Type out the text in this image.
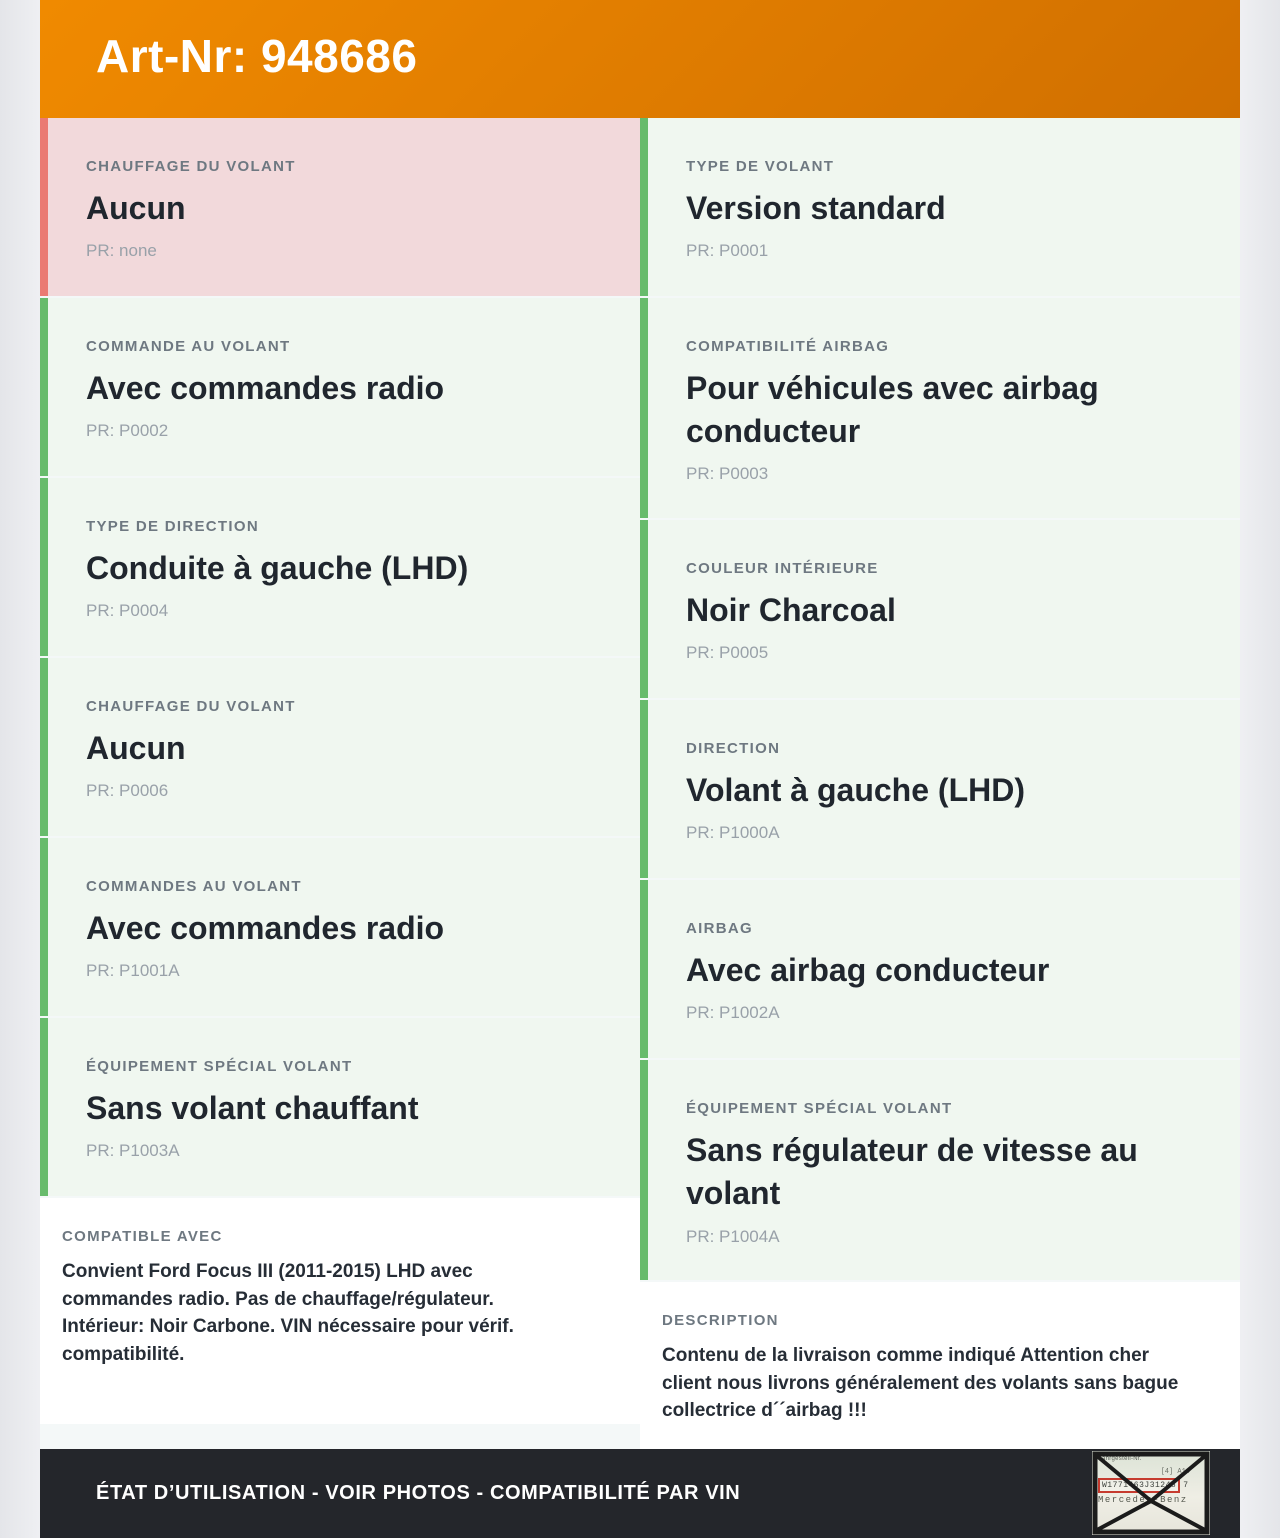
Art-Nr: 948686
CHAUFFAGE DU VOLANT
Aucun
PR: none
COMMANDE AU VOLANT
Avec commandes radio
PR: P0002
TYPE DE DIRECTION
Conduite à gauche (LHD)
PR: P0004
CHAUFFAGE DU VOLANT
Aucun
PR: P0006
COMMANDES AU VOLANT
Avec commandes radio
PR: P1001A
ÉQUIPEMENT SPÉCIAL VOLANT
Sans volant chauffant
PR: P1003A
COMPATIBLE AVEC

Convient Ford Focus III (2011-2015) LHD avec commandes radio. Pas de chauffage/régulateur. Intérieur: Noir Carbone. VIN nécessaire pour vérif. compatibilité.

TYPE DE VOLANT
Version standard
PR: P0001
COMPATIBILITÉ AIRBAG
Pour véhicules avec airbag conducteur
PR: P0003
COULEUR INTÉRIEURE
Noir Charcoal
PR: P0005
DIRECTION
Volant à gauche (LHD)
PR: P1000A
AIRBAG
Avec airbag conducteur
PR: P1002A
ÉQUIPEMENT SPÉCIAL VOLANT
Sans régulateur de vitesse au volant
PR: P1004A
DESCRIPTION

Contenu de la livraison comme indiqué Attention cher client nous livrons généralement des volants sans bague collectrice d´´airbag !!!

ÉTAT D’UTILISATION - VOIR PHOTOS - COMPATIBILITÉ PAR VIN
Fahrgestell-Nr.
[4] A14
W1771463J31248 7
Mercedes-Benz
